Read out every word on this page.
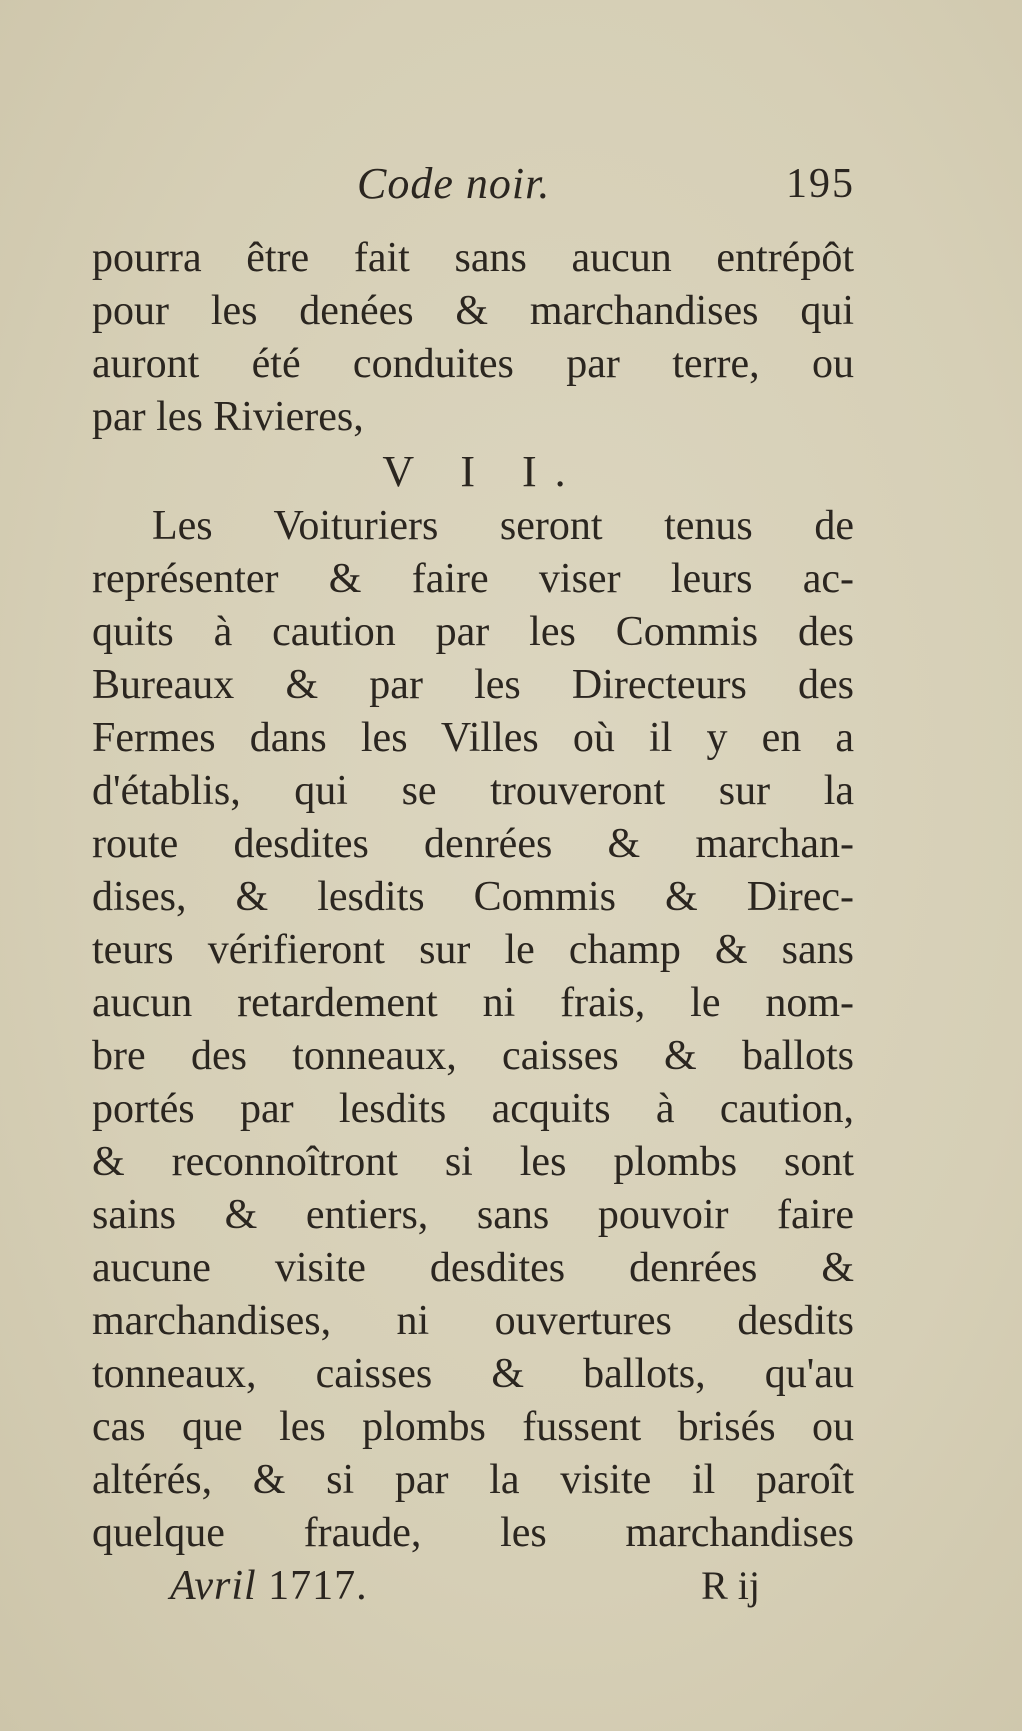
Code noir.	195
pourra être fait sans aucun entrépôt
pour les denées & marchandises qui
auront été conduites par terre, ou
par les Rivieres,
V I I.
Les Voituriers seront tenus de
représenter & faire viser leurs ac-
quits à caution par les Commis des
Bureaux & par les Directeurs des
Fermes dans les Villes où il y en a
d'établis, qui se trouveront sur la
route desdites denrées & marchan-
dises, & lesdits Commis & Direc-
teurs vérifieront sur le champ & sans
aucun retardement ni frais, le nom-
bre des tonneaux, caisses & ballots
portés par lesdits acquits à caution,
& reconnoîtront si les plombs sont
sains & entiers, sans pouvoir faire
aucune visite desdites denrées &
marchandises, ni ouvertures desdits
tonneaux, caisses & ballots, qu'au
cas que les plombs fussent brisés ou
altérés, & si par la visite il paroît
quelque fraude, les marchandises
Avril 1717.	R ij
